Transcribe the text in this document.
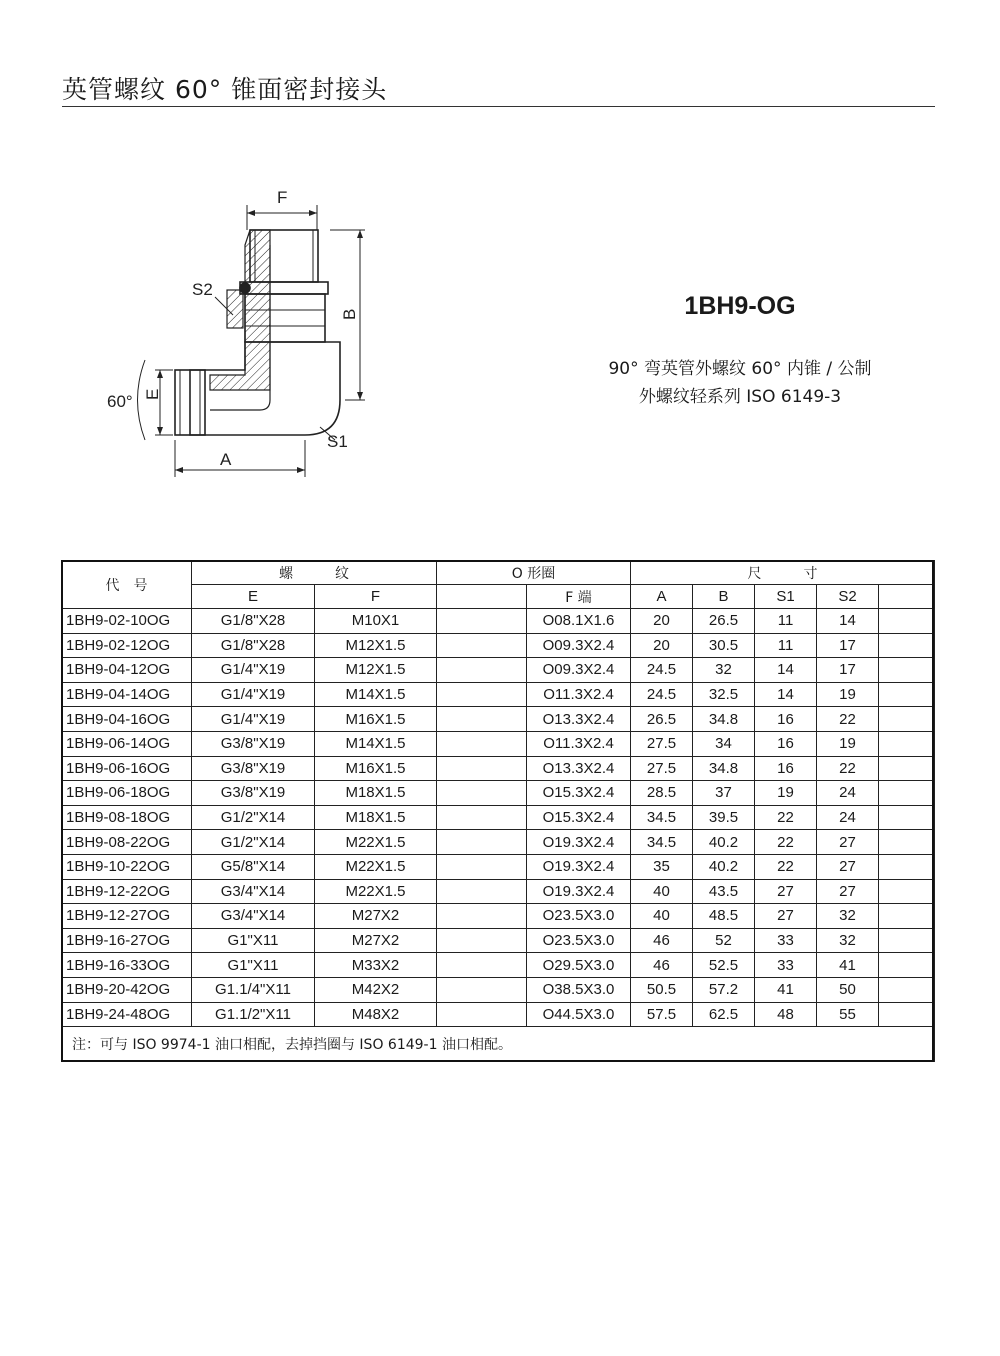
英管螺纹 60° 锥面密封接头
F
S2
B
60° E
S1
A
1BH9-OG
90° 弯英管外螺纹 60° 内锥 / 公制
外螺纹轻系列 ISO 6149-3
代　号	螺　　　纹		O 形圈		尺　　　寸				
	E	F		F 端	A	B	S1	S2	
1BH9-02-10OG	G1/8"X28	M10X1		O08.1X1.6	20	26.5	11	14	
1BH9-02-12OG	G1/8"X28	M12X1.5		O09.3X2.4	20	30.5	11	17	
1BH9-04-12OG	G1/4"X19	M12X1.5		O09.3X2.4	24.5	32	14	17	
1BH9-04-14OG	G1/4"X19	M14X1.5		O11.3X2.4	24.5	32.5	14	19	
1BH9-04-16OG	G1/4"X19	M16X1.5		O13.3X2.4	26.5	34.8	16	22	
1BH9-06-14OG	G3/8"X19	M14X1.5		O11.3X2.4	27.5	34	16	19	
1BH9-06-16OG	G3/8"X19	M16X1.5		O13.3X2.4	27.5	34.8	16	22	
1BH9-06-18OG	G3/8"X19	M18X1.5		O15.3X2.4	28.5	37	19	24	
1BH9-08-18OG	G1/2"X14	M18X1.5		O15.3X2.4	34.5	39.5	22	24	
1BH9-08-22OG	G1/2"X14	M22X1.5		O19.3X2.4	34.5	40.2	22	27	
1BH9-10-22OG	G5/8"X14	M22X1.5		O19.3X2.4	35	40.2	22	27	
1BH9-12-22OG	G3/4"X14	M22X1.5		O19.3X2.4	40	43.5	27	27	
1BH9-12-27OG	G3/4"X14	M27X2		O23.5X3.0	40	48.5	27	32	
1BH9-16-27OG	G1"X11	M27X2		O23.5X3.0	46	52	33	32	
1BH9-16-33OG	G1"X11	M33X2		O29.5X3.0	46	52.5	33	41	
1BH9-20-42OG	G1.1/4"X11	M42X2		O38.5X3.0	50.5	57.2	41	50	
1BH9-24-48OG	G1.1/2"X11	M48X2		O44.5X3.0	57.5	62.5	48	55	
注：可与 ISO 9974-1 油口相配，去掉挡圈与 ISO 6149-1 油口相配。									
